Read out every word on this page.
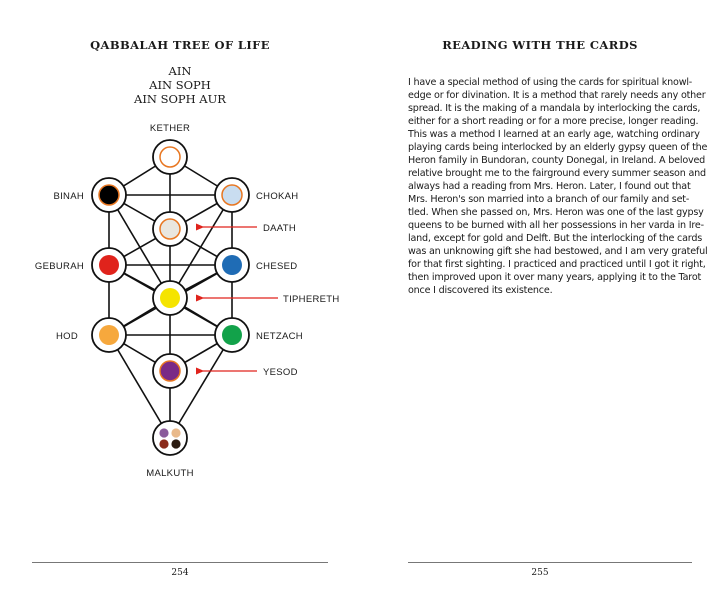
QABBALAH TREE OF LIFE
AIN
AIN SOPH
AIN SOPH AUR
KETHER
BINAH	CHOKAH
DAATH
GEBURAH	CHESED
TIPHERETH
HOD	NETZACH
YESOD
MALKUTH
254
READING WITH THE CARDS
I have a special method of using the cards for spiritual knowl-
edge or for divination. It is a method that rarely needs any other
spread. It is the making of a mandala by interlocking the cards,
either for a short reading or for a more precise, longer reading.
This was a method I learned at an early age, watching ordinary
playing cards being interlocked by an elderly gypsy queen of the
Heron family in Bundoran, county Donegal, in Ireland. A beloved
relative brought me to the fairground every summer season and
always had a reading from Mrs. Heron. Later, I found out that
Mrs. Heron's son married into a branch of our family and set-
tled. When she passed on, Mrs. Heron was one of the last gypsy
queens to be burned with all her possessions in her varda in Ire-
land, except for gold and Delft. But the interlocking of the cards
was an unknowing gift she had bestowed, and I am very grateful
for that first sighting. I practiced and practiced until I got it right,
then improved upon it over many years, applying it to the Tarot
once I discovered its existence.
255
